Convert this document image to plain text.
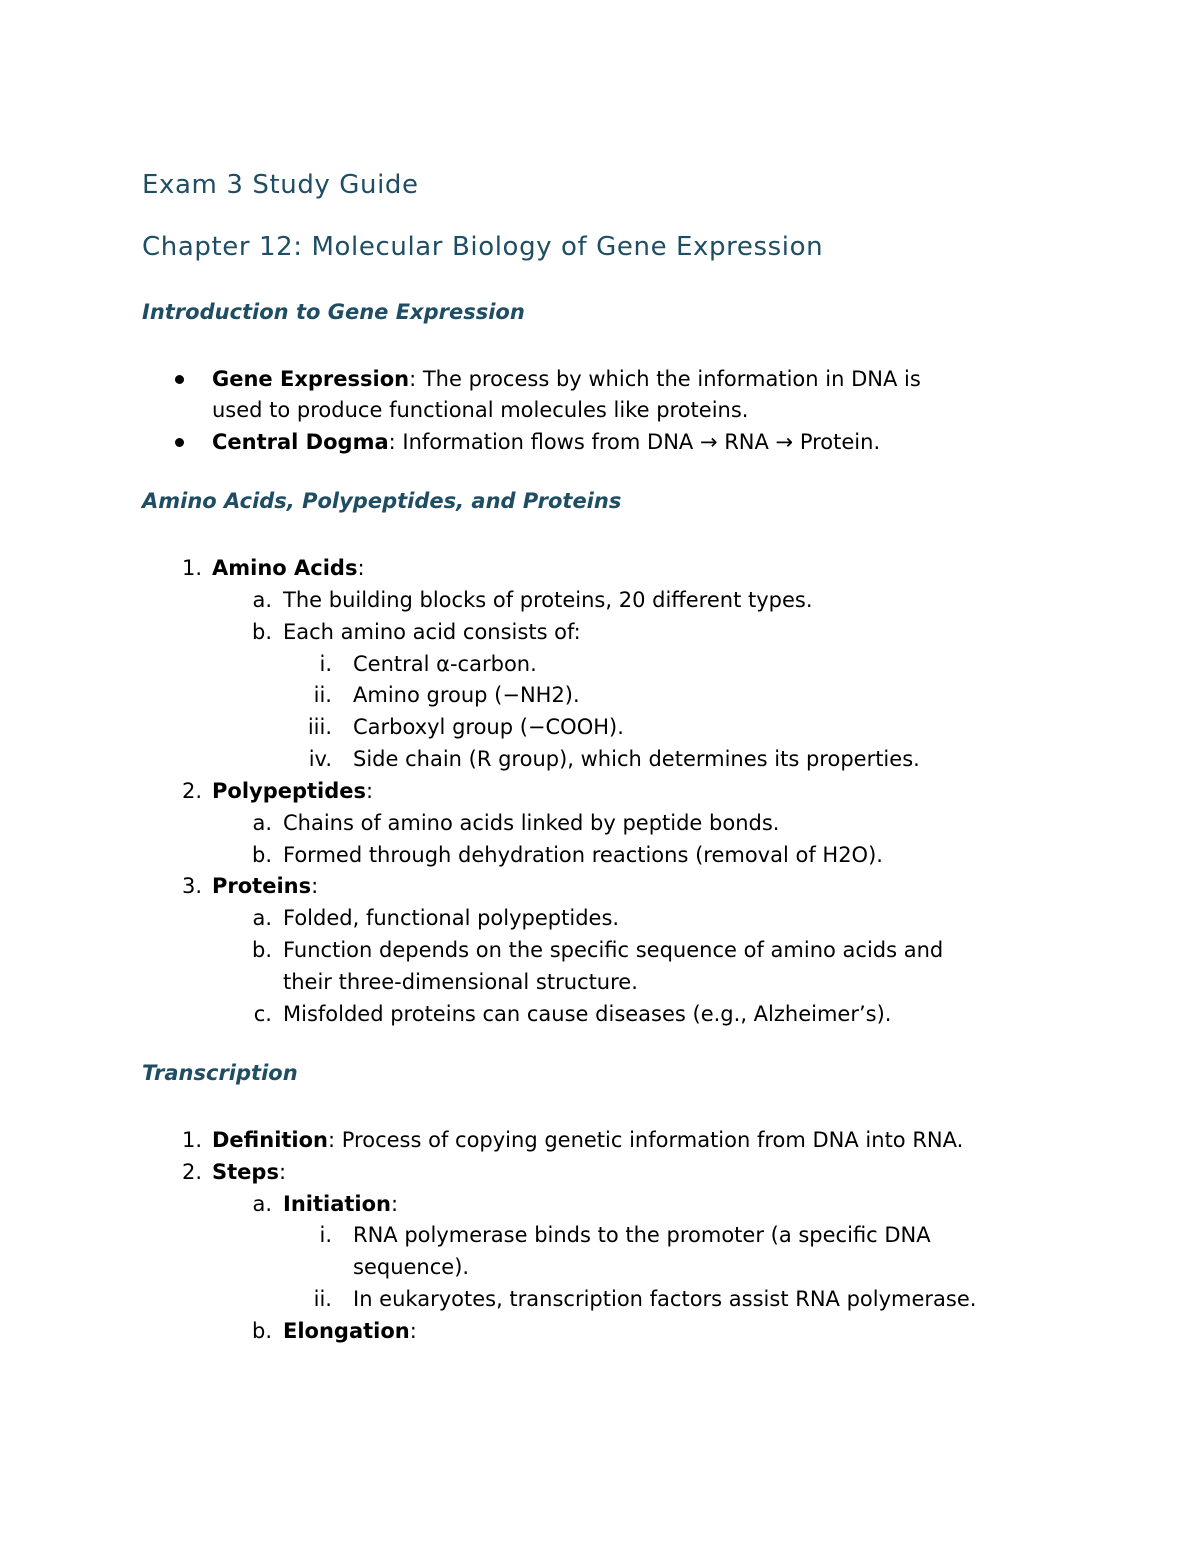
Exam 3 Study Guide
Chapter 12: Molecular Biology of Gene Expression
Introduction to Gene Expression
Gene Expression: The process by which the information in DNA is
used to produce functional molecules like proteins.
Central Dogma: Information flows from DNA → RNA → Protein.
Amino Acids, Polypeptides, and Proteins
1. Amino Acids:
a. The building blocks of proteins, 20 different types.
b. Each amino acid consists of:
i. Central α-carbon.
ii. Amino group (−NH2).
iii. Carboxyl group (−COOH).
iv. Side chain (R group), which determines its properties.
2. Polypeptides:
a. Chains of amino acids linked by peptide bonds.
b. Formed through dehydration reactions (removal of H2O).
3. Proteins:
a. Folded, functional polypeptides.
b. Function depends on the specific sequence of amino acids and
their three-dimensional structure.
c. Misfolded proteins can cause diseases (e.g., Alzheimer’s).
Transcription
1. Definition: Process of copying genetic information from DNA into RNA.
2. Steps:
a. Initiation:
i. RNA polymerase binds to the promoter (a specific DNA
sequence).
ii. In eukaryotes, transcription factors assist RNA polymerase.
b. Elongation:
